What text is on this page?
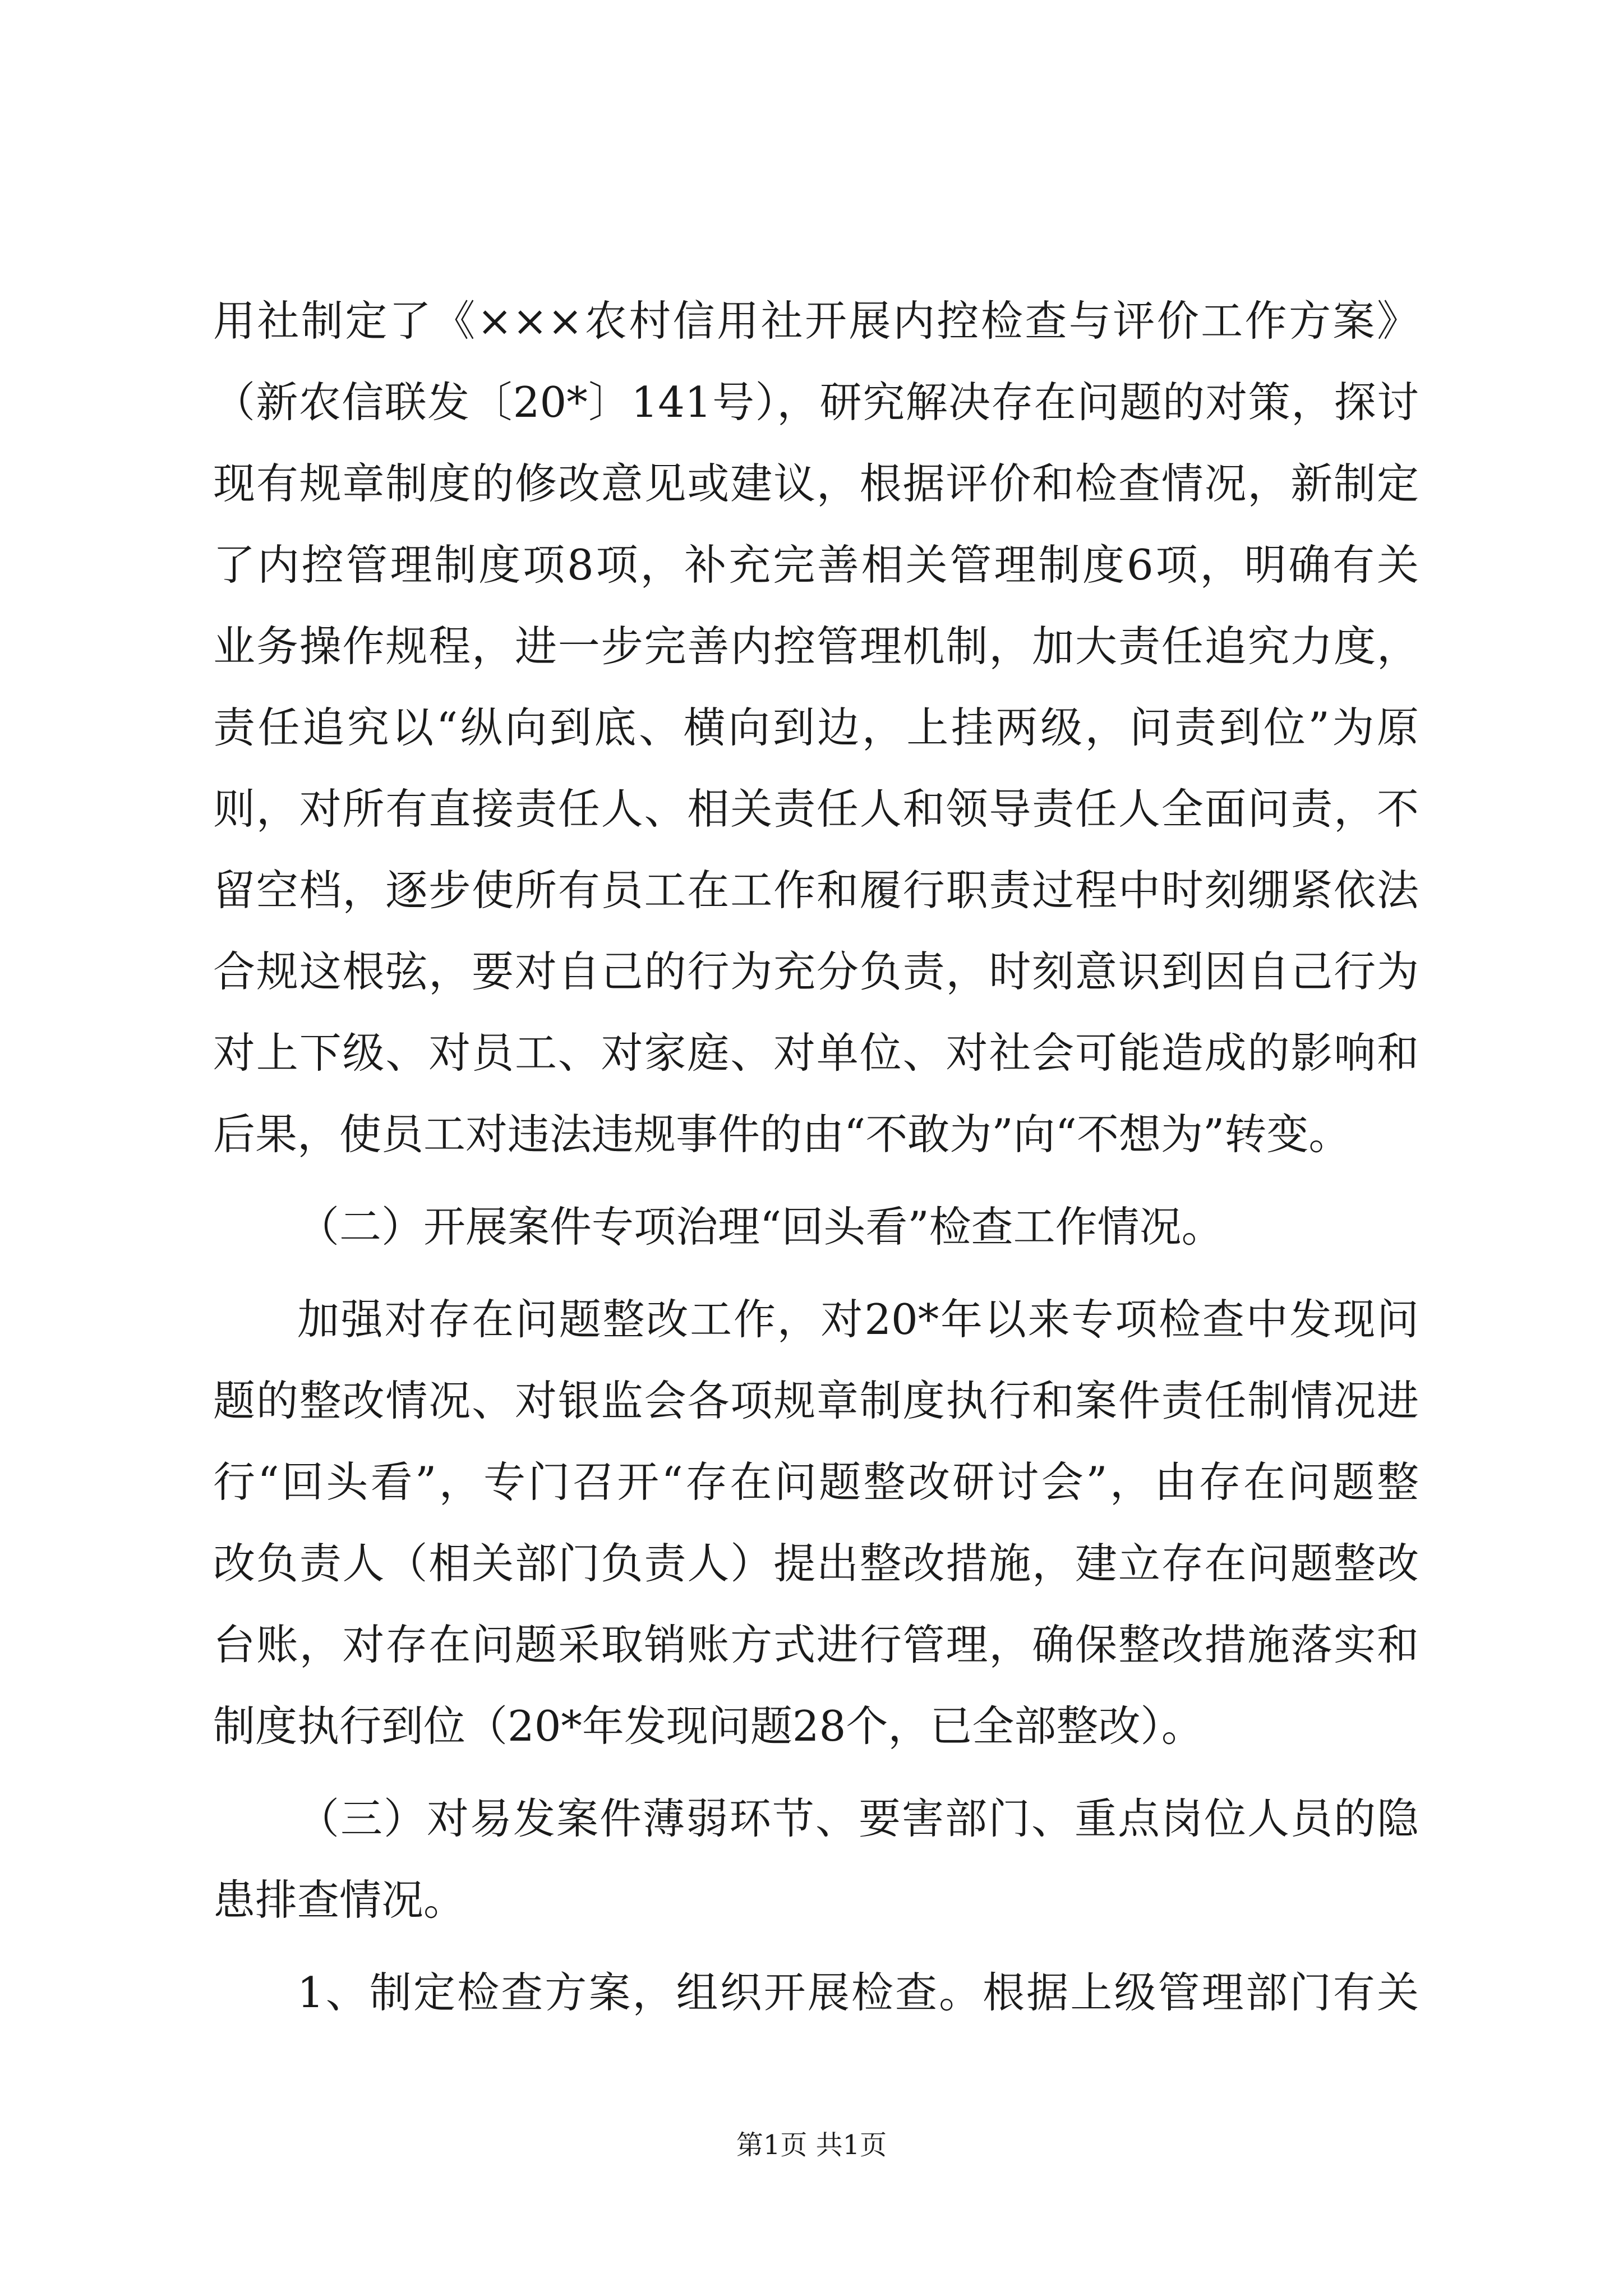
用社制定了《×××农村信用社开展内控检查与评价工作方案》
（新农信联发〔20*〕141号），研究解决存在问题的对策，探讨
现有规章制度的修改意见或建议，根据评价和检查情况，新制定
了内控管理制度项8项，补充完善相关管理制度6项，明确有关
业务操作规程，进一步完善内控管理机制，加大责任追究力度，
责任追究以“纵向到底、横向到边，上挂两级，问责到位”为原
则，对所有直接责任人、相关责任人和领导责任人全面问责，不
留空档，逐步使所有员工在工作和履行职责过程中时刻绷紧依法
合规这根弦，要对自己的行为充分负责，时刻意识到因自己行为
对上下级、对员工、对家庭、对单位、对社会可能造成的影响和
后果，使员工对违法违规事件的由“不敢为”向“不想为”转变。
（二）开展案件专项治理“回头看”检查工作情况。
加强对存在问题整改工作，对20*年以来专项检查中发现问
题的整改情况、对银监会各项规章制度执行和案件责任制情况进
行“回头看”，专门召开“存在问题整改研讨会”，由存在问题整
改负责人（相关部门负责人）提出整改措施，建立存在问题整改
台账，对存在问题采取销账方式进行管理，确保整改措施落实和
制度执行到位（20*年发现问题28个，已全部整改）。
（三）对易发案件薄弱环节、要害部门、重点岗位人员的隐
患排查情况。
1、制定检查方案，组织开展检查。根据上级管理部门有关
第1页 共1页
